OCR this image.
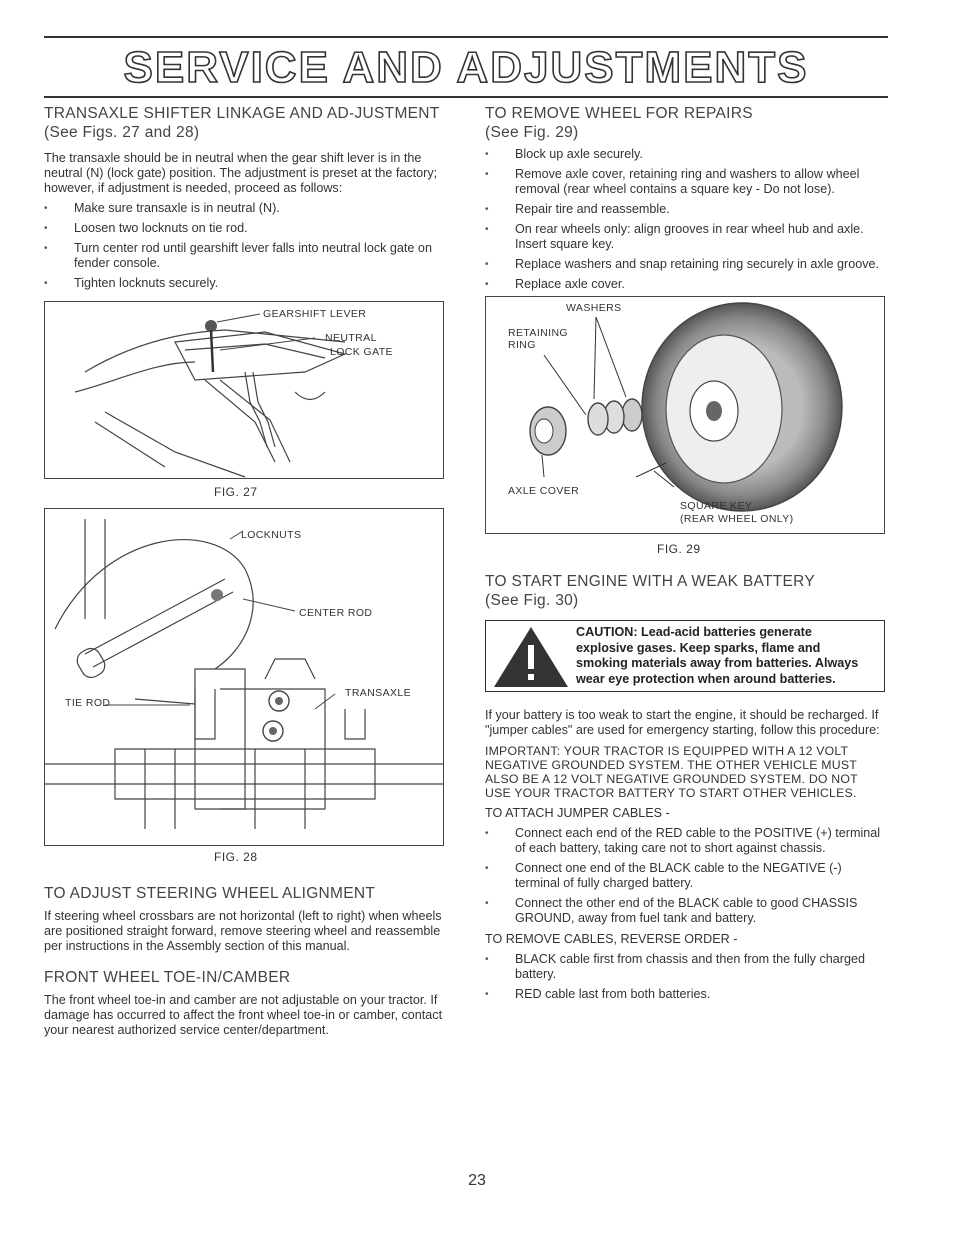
SERVICE AND ADJUSTMENTS
TRANSAXLE SHIFTER LINKAGE AND AD-JUSTMENT (See Figs. 27 and 28)

The transaxle should be in neutral when the gear shift lever is in the neutral (N) (lock gate) position. The adjustment is preset at the factory; however, if adjustment is needed, proceed as follows:

• Make sure transaxle is in neutral (N).
• Loosen two locknuts on tie rod.
• Turn center rod until gearshift lever falls into neutral lock gate on fender console.
• Tighten locknuts securely.
GEARSHIFT LEVER
NEUTRAL
LOCK GATE
FIG. 27
LOCKNUTS
CENTER ROD
TIE ROD
TRANSAXLE
FIG. 28
TO ADJUST STEERING WHEEL ALIGNMENT

If steering wheel crossbars are not horizontal (left to right) when wheels are positioned straight forward, remove steering wheel and reassemble per instructions in the Assembly section of this manual.

FRONT WHEEL TOE-IN/CAMBER

The front wheel toe-in and camber are not adjustable on your tractor. If damage has occurred to affect the front wheel toe-in or camber, contact your nearest authorized service center/department.

TO REMOVE WHEEL FOR REPAIRS
(See Fig. 29)
• Block up axle securely.
• Remove axle cover, retaining ring and washers to allow wheel removal (rear wheel contains a square key - Do not lose).
• Repair tire and reassemble.
• On rear wheels only: align grooves in rear wheel hub and axle. Insert square key.
• Replace washers and snap retaining ring securely in axle groove.
• Replace axle cover.
WASHERS
RETAINING
RING
AXLE COVER
SQUARE KEY
(REAR WHEEL ONLY)
FIG. 29
TO START ENGINE WITH A WEAK BATTERY
(See Fig. 30)
CAUTION: Lead-acid batteries generate explosive gases. Keep sparks, flame and smoking materials away from batteries. Always wear eye protection when around batteries.

If your battery is too weak to start the engine, it should be recharged. If "jumper cables" are used for emergency starting, follow this procedure:

IMPORTANT: YOUR TRACTOR IS EQUIPPED WITH A 12 VOLT NEGATIVE GROUNDED SYSTEM. THE OTHER VEHICLE MUST ALSO BE A 12 VOLT NEGATIVE GROUNDED SYSTEM. DO NOT USE YOUR TRACTOR BATTERY TO START OTHER VEHICLES.

TO ATTACH JUMPER CABLES -

• Connect each end of the RED cable to the POSITIVE (+) terminal of each battery, taking care not to short against chassis.
• Connect one end of the BLACK cable to the NEGATIVE (-) terminal of fully charged battery.
• Connect the other end of the BLACK cable to good CHASSIS GROUND, away from fuel tank and battery.

TO REMOVE CABLES, REVERSE ORDER -

• BLACK cable first from chassis and then from the fully charged battery.
• RED cable last from both batteries.
23
